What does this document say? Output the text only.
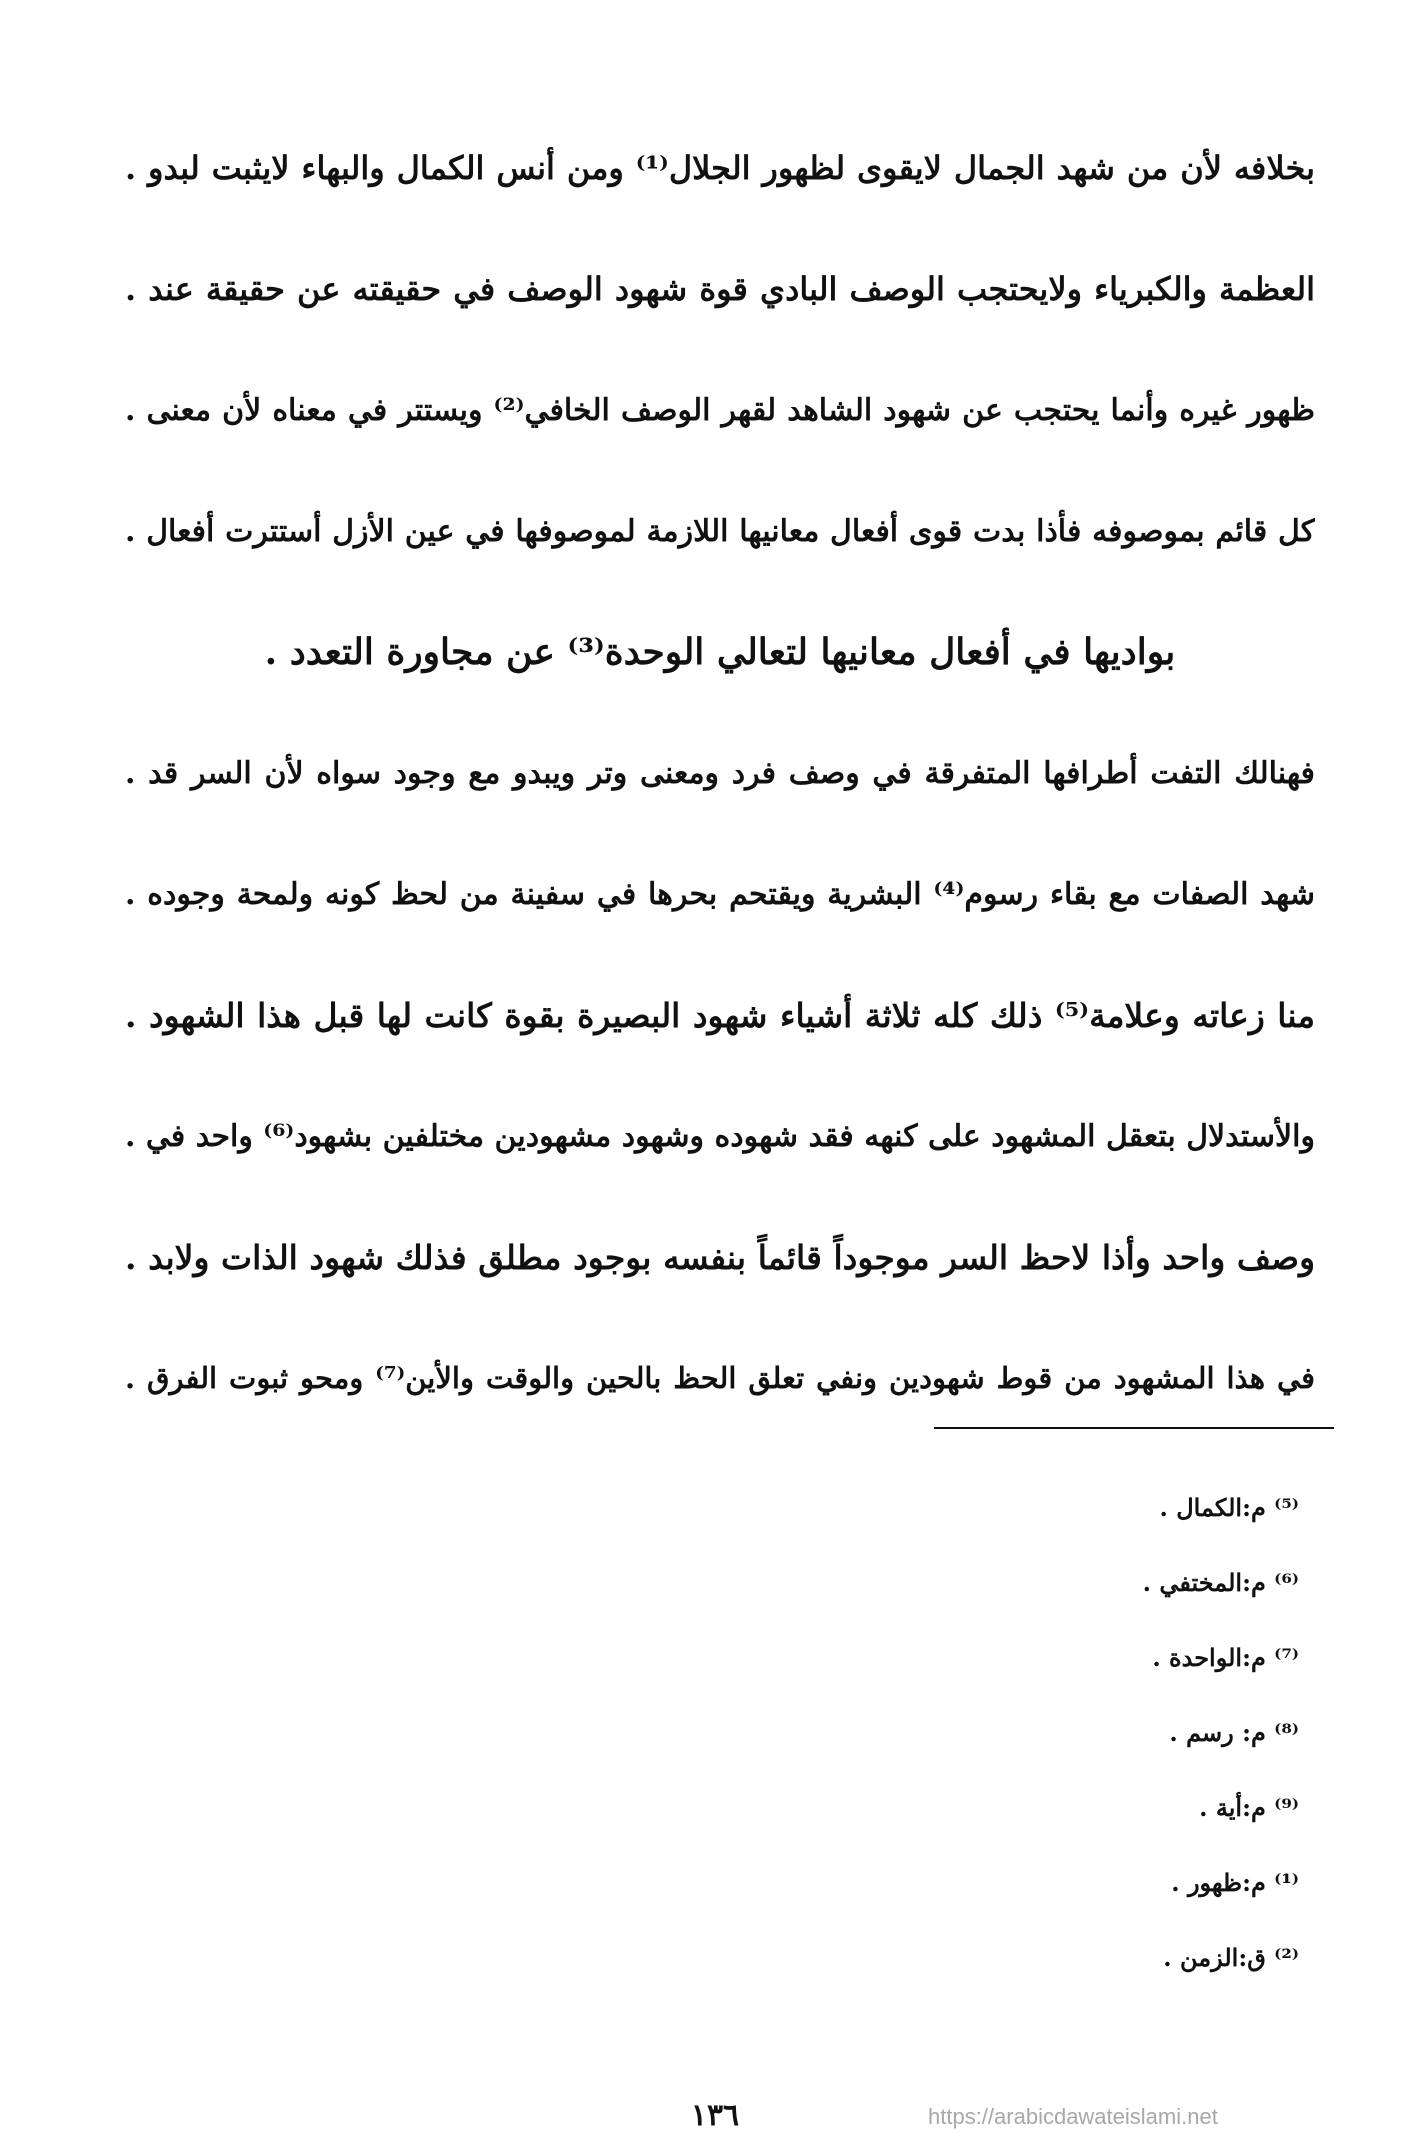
بخلافه لأن من شهد الجمال لايقوى لظهور الجلال⁽¹⁾ ومن أنس الكمال والبهاء لايثبت لبدو .
العظمة والكبرياء ولايحتجب الوصف البادي قوة شهود الوصف في حقيقته عن حقيقة عند .
ظهور غيره وأنما يحتجب عن شهود الشاهد لقهر الوصف الخافي⁽²⁾ ويستتر في معناه لأن معنى .
كل قائم بموصوفه فأذا بدت قوى أفعال معانيها اللازمة لموصوفها في عين الأزل أستترت أفعال .
بواديها في أفعال معانيها لتعالي الوحدة⁽³⁾ عن مجاورة التعدد .
فهنالك التفت أطرافها المتفرقة في وصف فرد ومعنى وتر ويبدو مع وجود سواه لأن السر قد .
شهد الصفات مع بقاء رسوم⁽⁴⁾ البشرية ويقتحم بحرها في سفينة من لحظ كونه ولمحة وجوده .
منا زعاته وعلامة⁽⁵⁾ ذلك كله ثلاثة أشياء شهود البصيرة بقوة كانت لها قبل هذا الشهود .
والأستدلال بتعقل المشهود على كنهه فقد شهوده وشهود مشهودين مختلفين بشهود⁽⁶⁾ واحد في .
وصف واحد وأذا لاحظ السر موجوداً قائماً بنفسه بوجود مطلق فذلك شهود الذات ولابد .
في هذا المشهود من قوط شهودين ونفي تعلق الحظ بالحين والوقت والأين⁽⁷⁾ ومحو ثبوت الفرق .
⁽⁵⁾ م:الكمال .
⁽⁶⁾ م:المختفي .
⁽⁷⁾ م:الواحدة .
⁽⁸⁾ م: رسم .
⁽⁹⁾ م:أية .
⁽¹⁾ م:ظهور .
⁽²⁾ ق:الزمن .
١٣٦	https://arabicdawateislami.net
